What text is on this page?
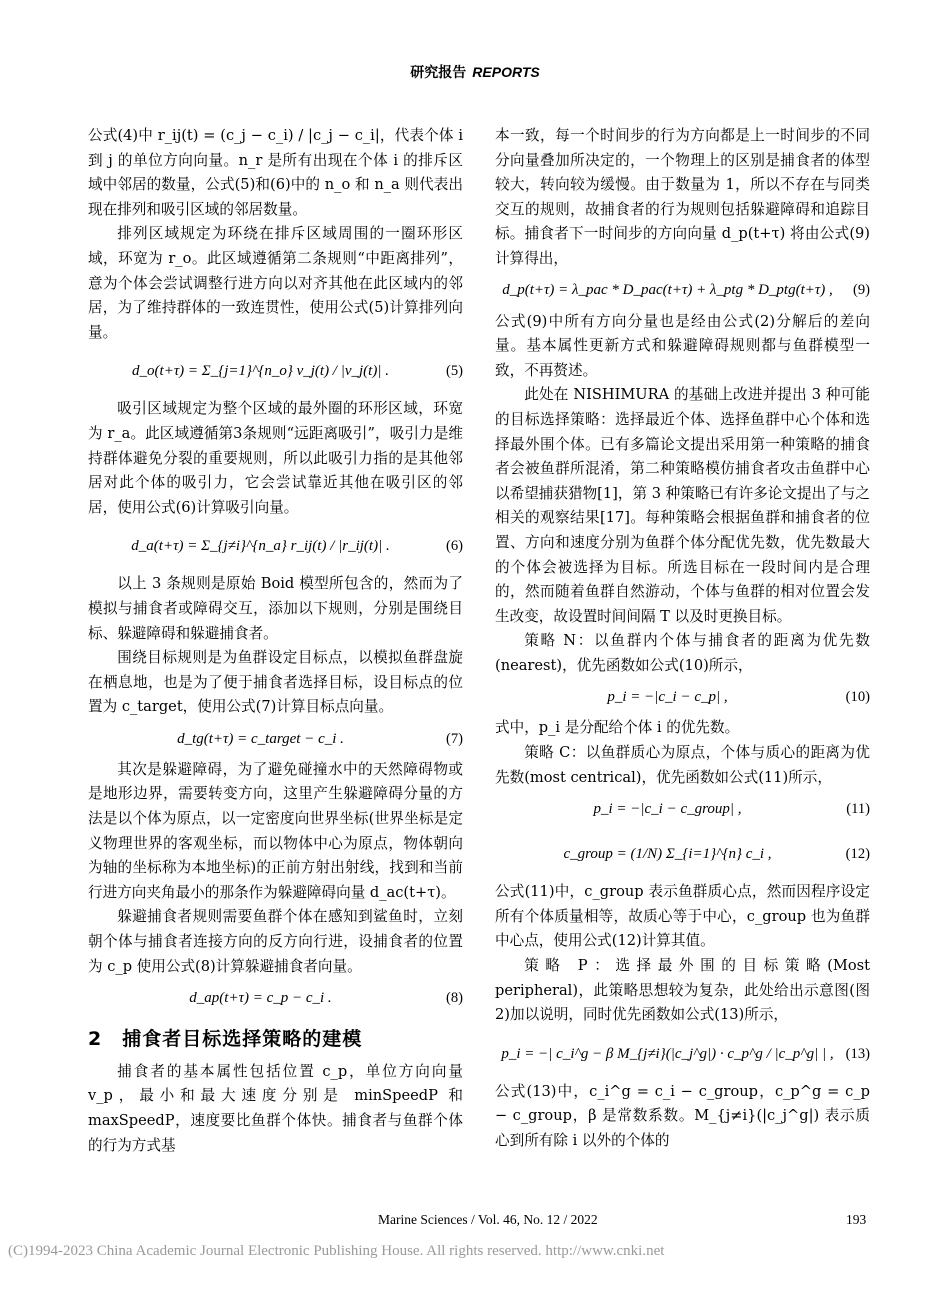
研究报告 REPORTS

公式(4)中 r_ij(t) = (c_j − c_i) / |c_j − c_i|，代表个体 i 到 j 的单位方向向量。n_r 是所有出现在个体 i 的排斥区域中邻居的数量，公式(5)和(6)中的 n_o 和 n_a 则代表出现在排列和吸引区域的邻居数量。

排列区域规定为环绕在排斥区域周围的一圈环形区域，环宽为 r_o。此区域遵循第二条规则“中距离排列”，意为个体会尝试调整行进方向以对齐其他在此区域内的邻居，为了维持群体的一致连贯性，使用公式(5)计算排列向量。

d_o(t+τ) = Σ_{j=1}^{n_o} v_j(t) / |v_j(t)| .	(5)

吸引区域规定为整个区域的最外圈的环形区域，环宽为 r_a。此区域遵循第3条规则“远距离吸引”，吸引力是维持群体避免分裂的重要规则，所以此吸引力指的是其他邻居对此个体的吸引力，它会尝试靠近其他在吸引区的邻居，使用公式(6)计算吸引向量。

d_a(t+τ) = Σ_{j≠i}^{n_a} r_ij(t) / |r_ij(t)| .	(6)

以上 3 条规则是原始 Boid 模型所包含的，然而为了模拟与捕食者或障碍交互，添加以下规则，分别是围绕目标、躲避障碍和躲避捕食者。

围绕目标规则是为鱼群设定目标点，以模拟鱼群盘旋在栖息地，也是为了便于捕食者选择目标，设目标点的位置为 c_target，使用公式(7)计算目标点向量。

d_tg(t+τ) = c_target − c_i .	(7)

其次是躲避障碍，为了避免碰撞水中的天然障碍物或是地形边界，需要转变方向，这里产生躲避障碍分量的方法是以个体为原点，以一定密度向世界坐标(世界坐标是定义物理世界的客观坐标，而以物体中心为原点，物体朝向为轴的坐标称为本地坐标)的正前方射出射线，找到和当前行进方向夹角最小的那条作为躲避障碍向量 d_ac(t+τ)。

躲避捕食者规则需要鱼群个体在感知到鲨鱼时，立刻朝个体与捕食者连接方向的反方向行进，设捕食者的位置为 c_p 使用公式(8)计算躲避捕食者向量。

d_ap(t+τ) = c_p − c_i .	(8)
2　捕食者目标选择策略的建模

捕食者的基本属性包括位置 c_p，单位方向向量 v_p，最小和最大速度分别是 minSpeedP 和 maxSpeedP，速度要比鱼群个体快。捕食者与鱼群个体的行为方式基

本一致，每一个时间步的行为方向都是上一时间步的不同分向量叠加所决定的，一个物理上的区别是捕食者的体型较大，转向较为缓慢。由于数量为 1，所以不存在与同类交互的规则，故捕食者的行为规则包括躲避障碍和追踪目标。捕食者下一时间步的方向向量 d_p(t+τ) 将由公式(9)计算得出，

d_p(t+τ) = λ_pac * D_pac(t+τ) + λ_ptg * D_ptg(t+τ) , (9)

公式(9)中所有方向分量也是经由公式(2)分解后的差向量。基本属性更新方式和躲避障碍规则都与鱼群模型一致，不再赘述。

此处在 NISHIMURA 的基础上改进并提出 3 种可能的目标选择策略：选择最近个体、选择鱼群中心个体和选择最外围个体。已有多篇论文提出采用第一种策略的捕食者会被鱼群所混淆，第二种策略模仿捕食者攻击鱼群中心以希望捕获猎物[1]，第 3 种策略已有许多论文提出了与之相关的观察结果[17]。每种策略会根据鱼群和捕食者的位置、方向和速度分别为鱼群个体分配优先数，优先数最大的个体会被选择为目标。所选目标在一段时间内是合理的，然而随着鱼群自然游动，个体与鱼群的相对位置会发生改变，故设置时间间隔 T 以及时更换目标。

策略 N：以鱼群内个体与捕食者的距离为优先数(nearest)，优先函数如公式(10)所示，

p_i = −|c_i − c_p| ,	(10)

式中，p_i 是分配给个体 i 的优先数。

策略 C：以鱼群质心为原点，个体与质心的距离为优先数(most centrical)，优先函数如公式(11)所示，

p_i = −|c_i − c_group| ,	(11)
c_group = (1/N) Σ_{i=1}^{n} c_i ,	(12)

公式(11)中，c_group 表示鱼群质心点，然而因程序设定所有个体质量相等，故质心等于中心，c_group 也为鱼群中心点，使用公式(12)计算其值。

策略 P：选择最外围的目标策略(Most peripheral)，此策略思想较为复杂，此处给出示意图(图 2)加以说明，同时优先函数如公式(13)所示，

p_i = −| c_i^g − β M_{j≠i}(|c_j^g|) · c_p^g / |c_p^g| | , (13)

公式(13)中，c_i^g = c_i − c_group，c_p^g = c_p − c_group，β 是常数系数。M_{j≠i}(|c_j^g|) 表示质心到所有除 i 以外的个体的

Marine Sciences / Vol. 46, No. 12 / 2022	193
(C)1994-2023 China Academic Journal Electronic Publishing House. All rights reserved. http://www.cnki.net
